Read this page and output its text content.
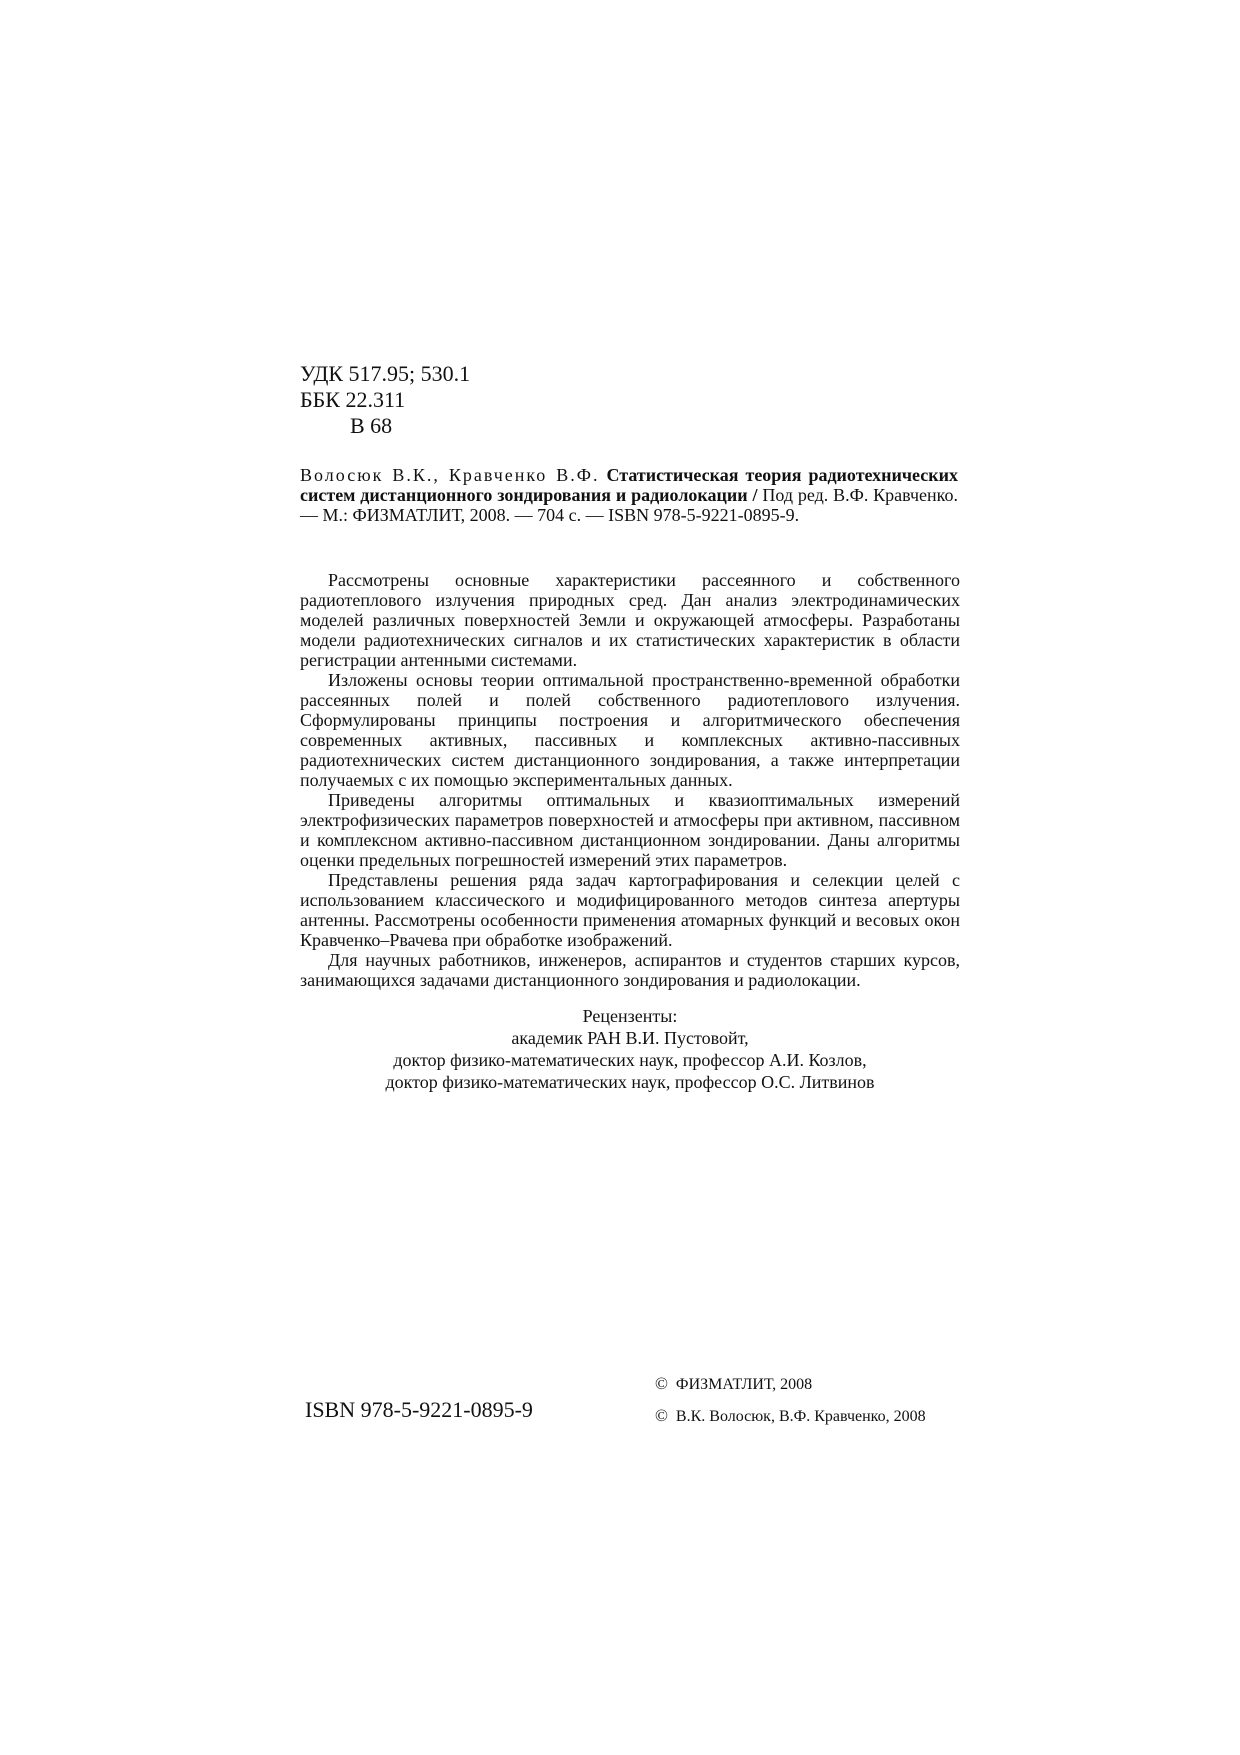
УДК 517.95; 530.1
ББК 22.311
В 68
Волосюк В.К., Кравченко В.Ф. Статистическая теория радиотехнических систем дистанционного зондирования и радиолокации / Под ред. В.Ф. Кравченко. — М.: ФИЗМАТЛИТ, 2008. — 704 с. — ISBN 978-5-9221-0895-9.

Рассмотрены основные характеристики рассеянного и собственного радиотеплового излучения природных сред. Дан анализ электродинамических моделей различных поверхностей Земли и окружающей атмосферы. Разработаны модели радиотехнических сигналов и их статистических характеристик в области регистрации антенными системами.

Изложены основы теории оптимальной пространственно-временной обработки рассеянных полей и полей собственного радиотеплового излучения. Сформулированы принципы построения и алгоритмического обеспечения современных активных, пассивных и комплексных активно-пассивных радиотехнических систем дистанционного зондирования, а также интерпретации получаемых с их помощью экспериментальных данных.

Приведены алгоритмы оптимальных и квазиоптимальных измерений электрофизических параметров поверхностей и атмосферы при активном, пассивном и комплексном активно-пассивном дистанционном зондировании. Даны алгоритмы оценки предельных погрешностей измерений этих параметров.

Представлены решения ряда задач картографирования и селекции целей с использованием классического и модифицированного методов синтеза апертуры антенны. Рассмотрены особенности применения атомарных функций и весовых окон Кравченко–Рвачева при обработке изображений.

Для научных работников, инженеров, аспирантов и студентов старших курсов, занимающихся задачами дистанционного зондирования и радиолокации.

Рецензенты:
академик РАН В.И. Пустовойт,
доктор физико-математических наук, профессор А.И. Козлов,
доктор физико-математических наук, профессор О.С. Литвинов
ISBN 978-5-9221-0895-9
© ФИЗМАТЛИТ, 2008
© В.К. Волосюк, В.Ф. Кравченко, 2008
